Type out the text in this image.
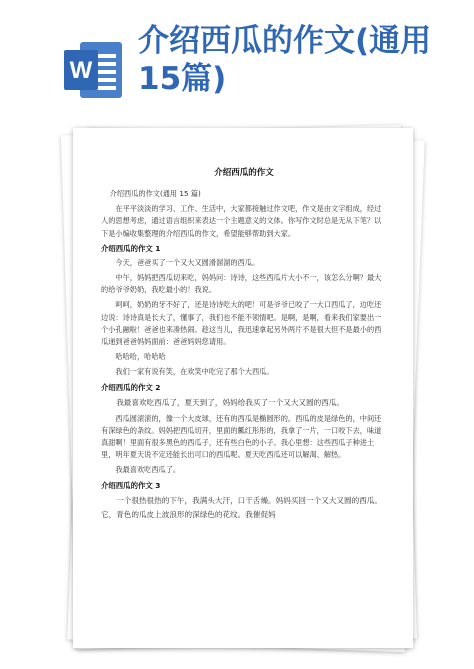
W
介绍西瓜的作文(通用15篇)
介绍西瓜的作文
介绍西瓜的作文(通用 15 篇)
在平平淡淡的学习、工作、生活中，大家都接触过作文吧，作文是由文字组成，经过人的思想考虑，通过语言组织来表达一个主题意义的文体。你写作文时总是无从下笔？以下是小编收集整理的介绍西瓜的作文，希望能够帮助到大家。
介绍西瓜的作文 1
今天，爸爸买了一个又大又圆滑溜溜的西瓜。
中午，妈妈把西瓜切来吃，妈妈问：诗诗，这些西瓜片大小不一，该怎么分啊？最大的给爷爷奶奶，我吃最小的！我说。
呵呵，奶奶的牙不好了，还是诗诗吃大的吧！可是爷爷已咬了一大口西瓜了，边吃还边说：诗诗真是长大了，懂事了，我们也不能不领情吧。是啊，是啊，看来我们家要出一个小孔融啦！爸爸也来凑热闹。趁这当儿，我迅速拿起另外两片不是很大但不是最小的西瓜递到爸爸妈妈面前：爸爸妈妈您请用。
哈哈哈，哈哈哈
我们一家有说有笑，在欢笑中吃完了那个大西瓜。
介绍西瓜的作文 2
我最喜欢吃西瓜了，夏天到了，妈妈给我买了一个又大又圆的西瓜。
西瓜圆滚滚的，像一个大皮球，还有的西瓜是椭圆形的。西瓜的皮是绿色的，中间还有深绿色的条纹。妈妈把西瓜切开，里面的瓤红彤彤的，我拿了一片，一口咬下去，味道真甜啊！里面有很多黑色的西瓜子，还有些白色的小子。我心里想：这些西瓜子种进土里，明年夏天说不定还能长出可口的西瓜呢。夏天吃西瓜还可以解渴、解热。
我最喜欢吃西瓜了。
介绍西瓜的作文 3
一个很热很热的下午，我满头大汗，口干舌燥。妈妈买回一个又大又圆的西瓜。　它，青色的瓜皮上波浪形的深绿色的花纹。我催促妈
